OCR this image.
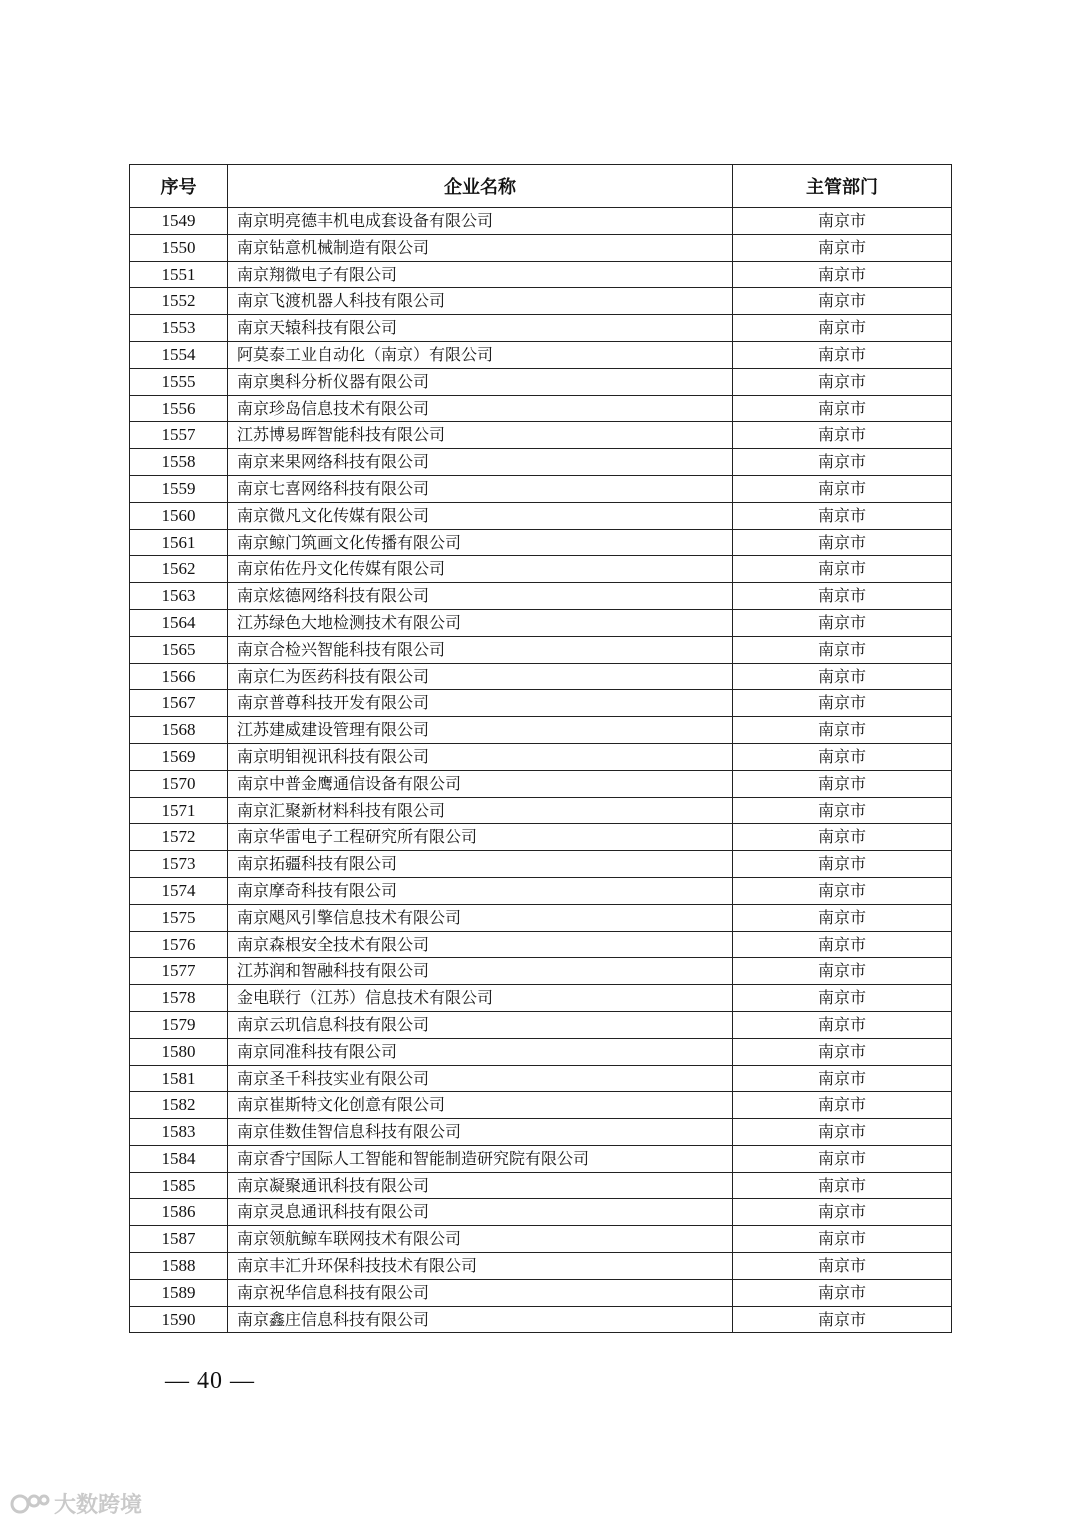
序号	企业名称	主管部门
1549	南京明亮德丰机电成套设备有限公司	南京市
1550	南京钻意机械制造有限公司	南京市
1551	南京翔微电子有限公司	南京市
1552	南京飞渡机器人科技有限公司	南京市
1553	南京天辕科技有限公司	南京市
1554	阿莫泰工业自动化（南京）有限公司	南京市
1555	南京奥科分析仪器有限公司	南京市
1556	南京珍岛信息技术有限公司	南京市
1557	江苏博易晖智能科技有限公司	南京市
1558	南京来果网络科技有限公司	南京市
1559	南京七喜网络科技有限公司	南京市
1560	南京微凡文化传媒有限公司	南京市
1561	南京鲸门筑画文化传播有限公司	南京市
1562	南京佑佐丹文化传媒有限公司	南京市
1563	南京炫德网络科技有限公司	南京市
1564	江苏绿色大地检测技术有限公司	南京市
1565	南京合检兴智能科技有限公司	南京市
1566	南京仁为医药科技有限公司	南京市
1567	南京普尊科技开发有限公司	南京市
1568	江苏建威建设管理有限公司	南京市
1569	南京明钼视讯科技有限公司	南京市
1570	南京中普金鹰通信设备有限公司	南京市
1571	南京汇聚新材料科技有限公司	南京市
1572	南京华雷电子工程研究所有限公司	南京市
1573	南京拓疆科技有限公司	南京市
1574	南京摩奇科技有限公司	南京市
1575	南京飓风引擎信息技术有限公司	南京市
1576	南京森根安全技术有限公司	南京市
1577	江苏润和智融科技有限公司	南京市
1578	金电联行（江苏）信息技术有限公司	南京市
1579	南京云玑信息科技有限公司	南京市
1580	南京同准科技有限公司	南京市
1581	南京圣千科技实业有限公司	南京市
1582	南京崔斯特文化创意有限公司	南京市
1583	南京佳数佳智信息科技有限公司	南京市
1584	南京香宁国际人工智能和智能制造研究院有限公司	南京市
1585	南京凝聚通讯科技有限公司	南京市
1586	南京灵息通讯科技有限公司	南京市
1587	南京领航鲸车联网技术有限公司	南京市
1588	南京丰汇升环保科技技术有限公司	南京市
1589	南京祝华信息科技有限公司	南京市
1590	南京鑫庄信息科技有限公司	南京市
— 40 —
大数跨境
